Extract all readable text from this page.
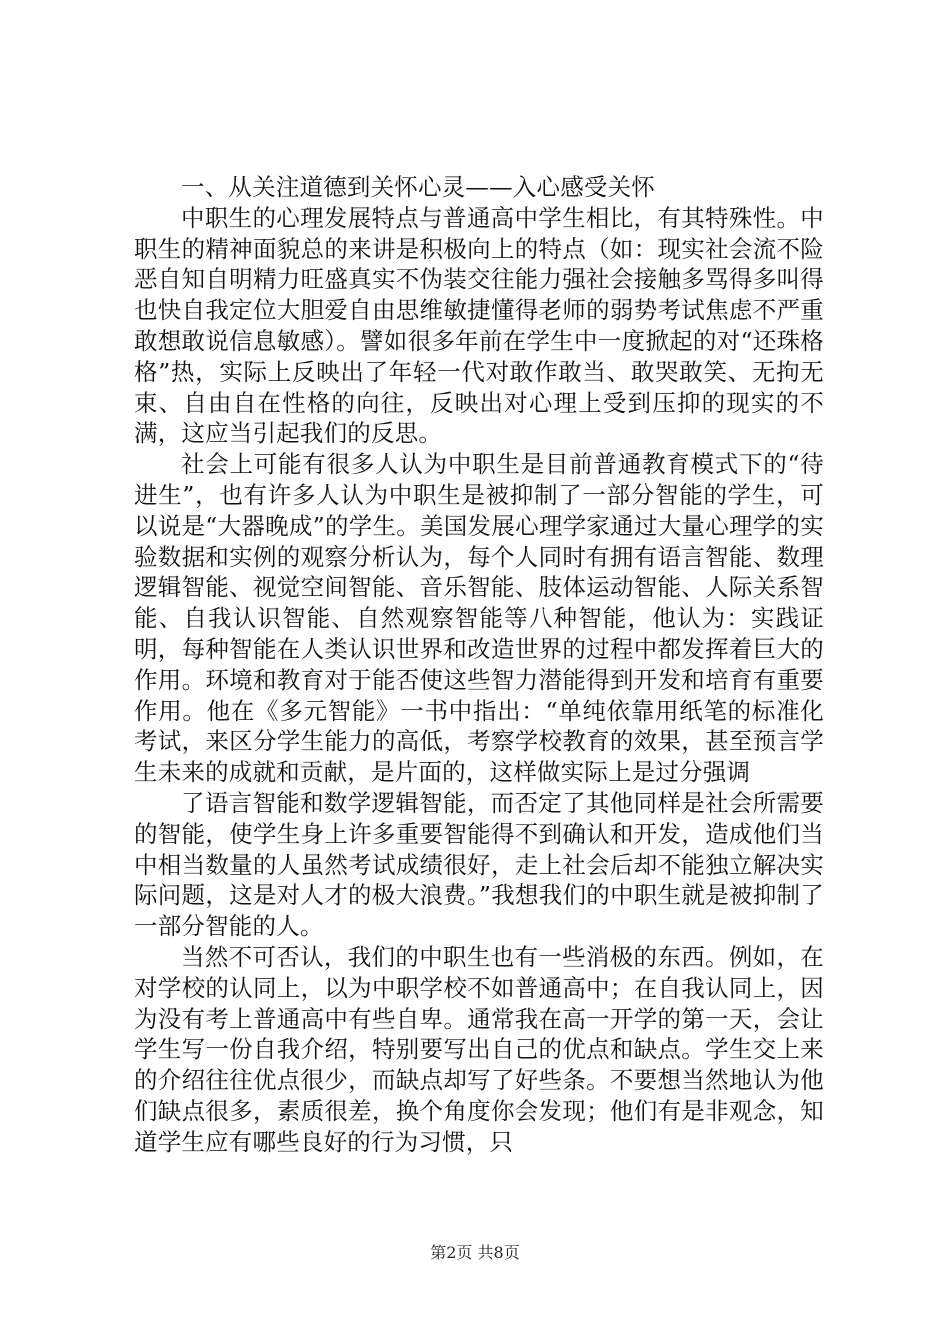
一、从关注道德到关怀心灵——入心感受关怀

中职生的心理发展特点与普通高中学生相比，有其特殊性。中职生的精神面貌总的来讲是积极向上的特点（如：现实社会流不险恶自知自明精力旺盛真实不伪装交往能力强社会接触多骂得多叫得也快自我定位大胆爱自由思维敏捷懂得老师的弱势考试焦虑不严重敢想敢说信息敏感）。譬如很多年前在学生中一度掀起的对“还珠格格”热，实际上反映出了年轻一代对敢作敢当、敢哭敢笑、无拘无束、自由自在性格的向往，反映出对心理上受到压抑的现实的不满，这应当引起我们的反思。

社会上可能有很多人认为中职生是目前普通教育模式下的“待进生”，也有许多人认为中职生是被抑制了一部分智能的学生，可以说是“大器晚成”的学生。美国发展心理学家通过大量心理学的实验数据和实例的观察分析认为，每个人同时有拥有语言智能、数理逻辑智能、视觉空间智能、音乐智能、肢体运动智能、人际关系智能、自我认识智能、自然观察智能等八种智能，他认为：实践证明，每种智能在人类认识世界和改造世界的过程中都发挥着巨大的作用。环境和教育对于能否使这些智力潜能得到开发和培育有重要作用。他在《多元智能》一书中指出：“单纯依靠用纸笔的标准化考试，来区分学生能力的高低，考察学校教育的效果，甚至预言学生未来的成就和贡献，是片面的，这样做实际上是过分强调

了语言智能和数学逻辑智能，而否定了其他同样是社会所需要的智能，使学生身上许多重要智能得不到确认和开发，造成他们当中相当数量的人虽然考试成绩很好，走上社会后却不能独立解决实际问题，这是对人才的极大浪费。”我想我们的中职生就是被抑制了一部分智能的人。

当然不可否认，我们的中职生也有一些消极的东西。例如，在对学校的认同上，以为中职学校不如普通高中；在自我认同上，因为没有考上普通高中有些自卑。通常我在高一开学的第一天，会让学生写一份自我介绍，特别要写出自己的优点和缺点。学生交上来的介绍往往优点很少，而缺点却写了好些条。不要想当然地认为他们缺点很多，素质很差，换个角度你会发现；他们有是非观念，知道学生应有哪些良好的行为习惯，只

第2页 共8页
